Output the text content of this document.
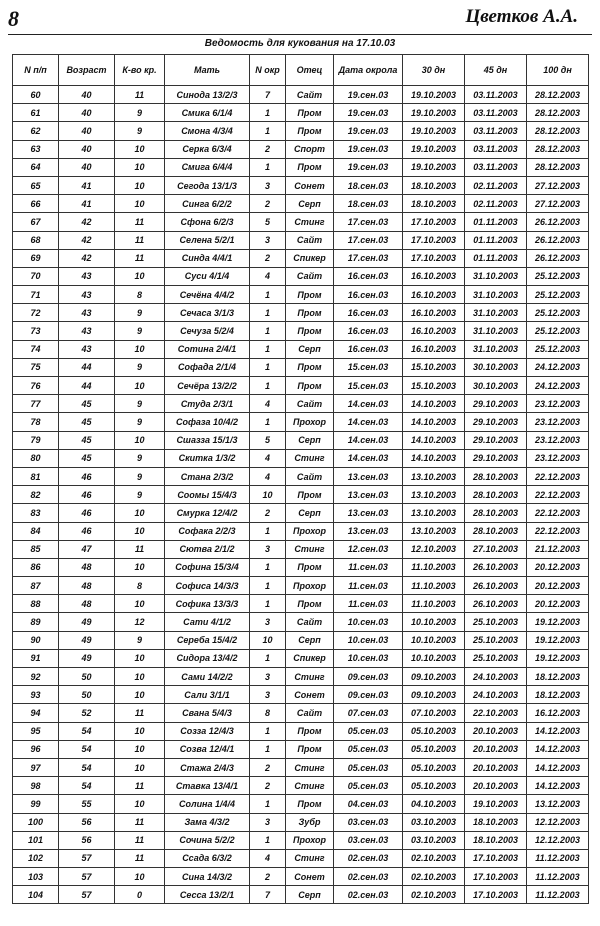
8	Цветков А.А.
Ведомость для кукования на 17.10.03
N п/п	Возраст	К-во кр.	Мать	N окр	Отец	Дата окрола	30 дн	45 дн	100 дн
60	40	11	Синода 13/2/3	7	Сайт	19.сен.03	19.10.2003	03.11.2003	28.12.2003
61	40	9	Смика 6/1/4	1	Пром	19.сен.03	19.10.2003	03.11.2003	28.12.2003
62	40	9	Смона 4/3/4	1	Пром	19.сен.03	19.10.2003	03.11.2003	28.12.2003
63	40	10	Серка 6/3/4	2	Спорт	19.сен.03	19.10.2003	03.11.2003	28.12.2003
64	40	10	Смига 6/4/4	1	Пром	19.сен.03	19.10.2003	03.11.2003	28.12.2003
65	41	10	Сегода 13/1/3	3	Сонет	18.сен.03	18.10.2003	02.11.2003	27.12.2003
66	41	10	Синга 6/2/2	2	Серп	18.сен.03	18.10.2003	02.11.2003	27.12.2003
67	42	11	Сфона 6/2/3	5	Стинг	17.сен.03	17.10.2003	01.11.2003	26.12.2003
68	42	11	Селена 5/2/1	3	Сайт	17.сен.03	17.10.2003	01.11.2003	26.12.2003
69	42	11	Синда 4/4/1	2	Спикер	17.сен.03	17.10.2003	01.11.2003	26.12.2003
70	43	10	Суси 4/1/4	4	Сайт	16.сен.03	16.10.2003	31.10.2003	25.12.2003
71	43	8	Сечёна 4/4/2	1	Пром	16.сен.03	16.10.2003	31.10.2003	25.12.2003
72	43	9	Сечаса 3/1/3	1	Пром	16.сен.03	16.10.2003	31.10.2003	25.12.2003
73	43	9	Сечуза 5/2/4	1	Пром	16.сен.03	16.10.2003	31.10.2003	25.12.2003
74	43	10	Сотина 2/4/1	1	Серп	16.сен.03	16.10.2003	31.10.2003	25.12.2003
75	44	9	Софада 2/1/4	1	Пром	15.сен.03	15.10.2003	30.10.2003	24.12.2003
76	44	10	Сечёра 13/2/2	1	Пром	15.сен.03	15.10.2003	30.10.2003	24.12.2003
77	45	9	Студа 2/3/1	4	Сайт	14.сен.03	14.10.2003	29.10.2003	23.12.2003
78	45	9	Софаза 10/4/2	1	Прохор	14.сен.03	14.10.2003	29.10.2003	23.12.2003
79	45	10	Сшазза 15/1/3	5	Серп	14.сен.03	14.10.2003	29.10.2003	23.12.2003
80	45	9	Скитка 1/3/2	4	Стинг	14.сен.03	14.10.2003	29.10.2003	23.12.2003
81	46	9	Стана 2/3/2	4	Сайт	13.сен.03	13.10.2003	28.10.2003	22.12.2003
82	46	9	Соомы 15/4/3	10	Пром	13.сен.03	13.10.2003	28.10.2003	22.12.2003
83	46	10	Смурка 12/4/2	2	Серп	13.сен.03	13.10.2003	28.10.2003	22.12.2003
84	46	10	Софака 2/2/3	1	Прохор	13.сен.03	13.10.2003	28.10.2003	22.12.2003
85	47	11	Сютва 2/1/2	3	Стинг	12.сен.03	12.10.2003	27.10.2003	21.12.2003
86	48	10	Софина 15/3/4	1	Пром	11.сен.03	11.10.2003	26.10.2003	20.12.2003
87	48	8	Софиса 14/3/3	1	Прохор	11.сен.03	11.10.2003	26.10.2003	20.12.2003
88	48	10	Софика 13/3/3	1	Пром	11.сен.03	11.10.2003	26.10.2003	20.12.2003
89	49	12	Сати 4/1/2	3	Сайт	10.сен.03	10.10.2003	25.10.2003	19.12.2003
90	49	9	Сереба 15/4/2	10	Серп	10.сен.03	10.10.2003	25.10.2003	19.12.2003
91	49	10	Сидора 13/4/2	1	Спикер	10.сен.03	10.10.2003	25.10.2003	19.12.2003
92	50	10	Сами 14/2/2	3	Стинг	09.сен.03	09.10.2003	24.10.2003	18.12.2003
93	50	10	Сали 3/1/1	3	Сонет	09.сен.03	09.10.2003	24.10.2003	18.12.2003
94	52	11	Свана 5/4/3	8	Сайт	07.сен.03	07.10.2003	22.10.2003	16.12.2003
95	54	10	Созза 12/4/3	1	Пром	05.сен.03	05.10.2003	20.10.2003	14.12.2003
96	54	10	Созва 12/4/1	1	Пром	05.сен.03	05.10.2003	20.10.2003	14.12.2003
97	54	10	Стажа 2/4/3	2	Стинг	05.сен.03	05.10.2003	20.10.2003	14.12.2003
98	54	11	Ставка 13/4/1	2	Стинг	05.сен.03	05.10.2003	20.10.2003	14.12.2003
99	55	10	Солина 1/4/4	1	Пром	04.сен.03	04.10.2003	19.10.2003	13.12.2003
100	56	11	Зама 4/3/2	3	Зубр	03.сен.03	03.10.2003	18.10.2003	12.12.2003
101	56	11	Сочина 5/2/2	1	Прохор	03.сен.03	03.10.2003	18.10.2003	12.12.2003
102	57	11	Ссада 6/3/2	4	Стинг	02.сен.03	02.10.2003	17.10.2003	11.12.2003
103	57	10	Сина 14/3/2	2	Сонет	02.сен.03	02.10.2003	17.10.2003	11.12.2003
104	57	0	Сесса 13/2/1	7	Серп	02.сен.03	02.10.2003	17.10.2003	11.12.2003
